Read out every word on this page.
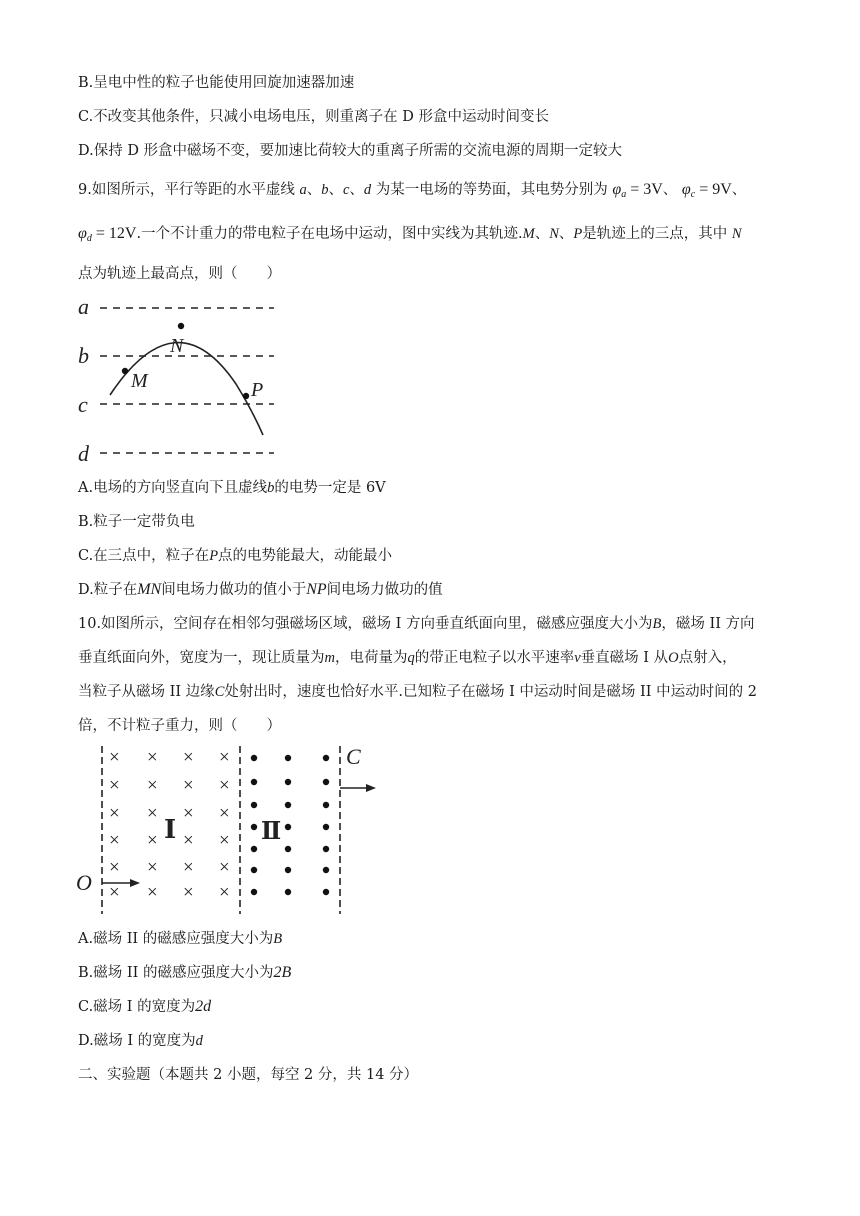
B.呈电中性的粒子也能使用回旋加速器加速
C.不改变其他条件，只减小电场电压，则重离子在 D 形盒中运动时间变长
D.保持 D 形盒中磁场不变，要加速比荷较大的重离子所需的交流电源的周期一定较大
9.如图所示，平行等距的水平虚线 a、b、c、d 为某一电场的等势面，其电势分别为 $\varphi_a = 3V$、 $\varphi_c = 9V$、
$\varphi_d = 12V$.一个不计重力的带电粒子在电场中运动，图中实线为其轨迹.M、N、P是轨迹上的三点，其中 N
点为轨迹上最高点，则（　　）
a
b
c
d
N
M	P
A.电场的方向竖直向下且虚线b的电势一定是 6V
B.粒子一定带负电
C.在三点中，粒子在P点的电势能最大，动能最小
D.粒子在MN间电场力做功的值小于NP间电场力做功的值
10.如图所示，空间存在相邻匀强磁场区域，磁场 I 方向垂直纸面向里，磁感应强度大小为B，磁场 II 方向
垂直纸面向外，宽度为一，现让质量为m，电荷量为q的带正电粒子以水平速率v垂直磁场 I 从O点射入，
当粒子从磁场 II 边缘C处射出时，速度也恰好水平.已知粒子在磁场 I 中运动时间是磁场 II 中运动时间的 2
倍，不计粒子重力，则（　　）
× × × ×
× × × ×
× × × ×
× × × ×
× × × ×
× × × ×
Ⅰ	Ⅱ
O
C
A.磁场 II 的磁感应强度大小为B
B.磁场 II 的磁感应强度大小为2B
C.磁场 I 的宽度为2d
D.磁场 I 的宽度为d
二、实验题（本题共 2 小题，每空 2 分，共 14 分）
